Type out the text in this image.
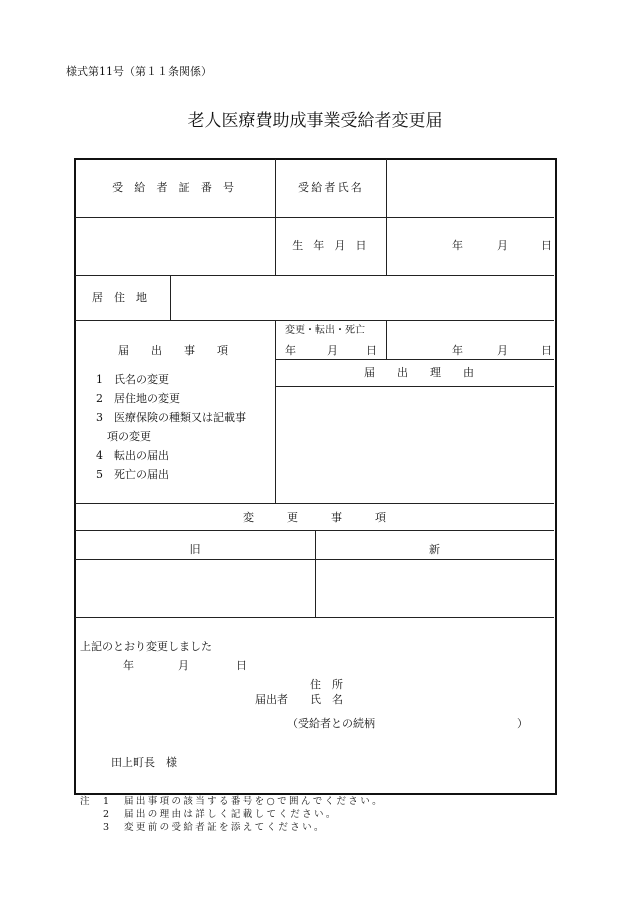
様式第11号（第１１条関係）
老人医療費助成事業受給者変更届
受 給 者 証 番 号	受給者氏名
生 年 月 日	年	月	日
居　住　地
届　　出　　事　　項
変更・転出・死亡
年	月	日	年	月	日
届　　出　　理　　由
1　氏名の変更
2　居住地の変更
3　医療保険の種類又は記載事
項の変更
4　転出の届出
5　死亡の届出
変　　　更　　　事　　　項
旧	新
上記のとおり変更しました
年	月	日
住　所
届出者 氏　名
（受給者との続柄	）
田上町長　様
注 1 届出事項の該当する番号を○で囲んでください。
2 届出の理由は詳しく記載してください。
3 変更前の受給者証を添えてください。
